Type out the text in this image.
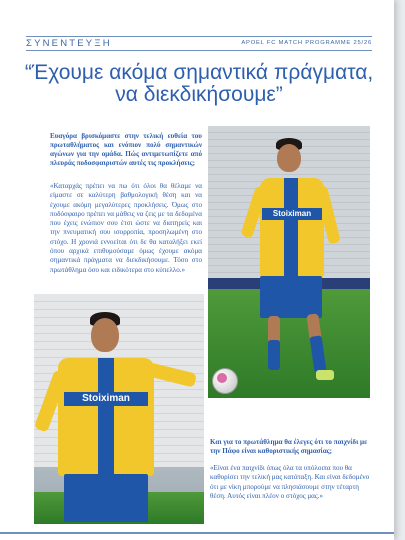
ΣΥΝΕΝΤΕΥΞΗ	APOEL FC MATCH PROGRAMME 25/26
“Έχουμε ακόμα σημαντικά πράγματα, να διεκδικήσουμε”
Ευαγόρα βρισκόμαστε στην τελική ευθεία του πρωταθλήματος και ενόπιον πολύ σημαντικών αγώνων για την ομάδα. Πώς αντιμετωπίζετε από πλευράς ποδοσφαιριστών αυτές τις προκλήσεις;
«Καταρχάς πρέπει να πω ότι όλοι θα θέλαμε να είμαστε σε καλύτερη βαθμολογική θέση και να έχουμε ακόμη μεγαλύτερες προκλήσεις. Όμως στο ποδόσφαιρο πρέπει να μάθεις να ζεις με τα δεδομένα που έχεις ενώπιον σου έτσι ώστε να διατηρείς και την πνευματική σου ισορροπία, προσηλωμένη στο στόχο. Η χρονιά εννοείται ότι δε θα καταλήξει εκεί όπου αρχικά επιθυμούσαμε όμως έχουμε ακόμα σημαντικά πράγματα να διεκδικήσουμε. Τόσο στο πρωτάθλημα όσο και ειδικότερα στο κύπελλο.»
Stoiximan
Stoiximan
Και για το πρωτάθλημα θα έλεγες ότι το παιχνίδι με την Πάφο είναι καθοριστικής σημασίας;
«Είναι ένα παιχνίδι όπως όλα τα υπόλοιπα που θα καθορίσει την τελική μας κατάταξη. Και είναι δεδομένο ότι με νίκη μπορούμε να πλησιάσουμε στην τέταρτη θέση. Αυτός είναι πλέον ο στόχος μας.»
